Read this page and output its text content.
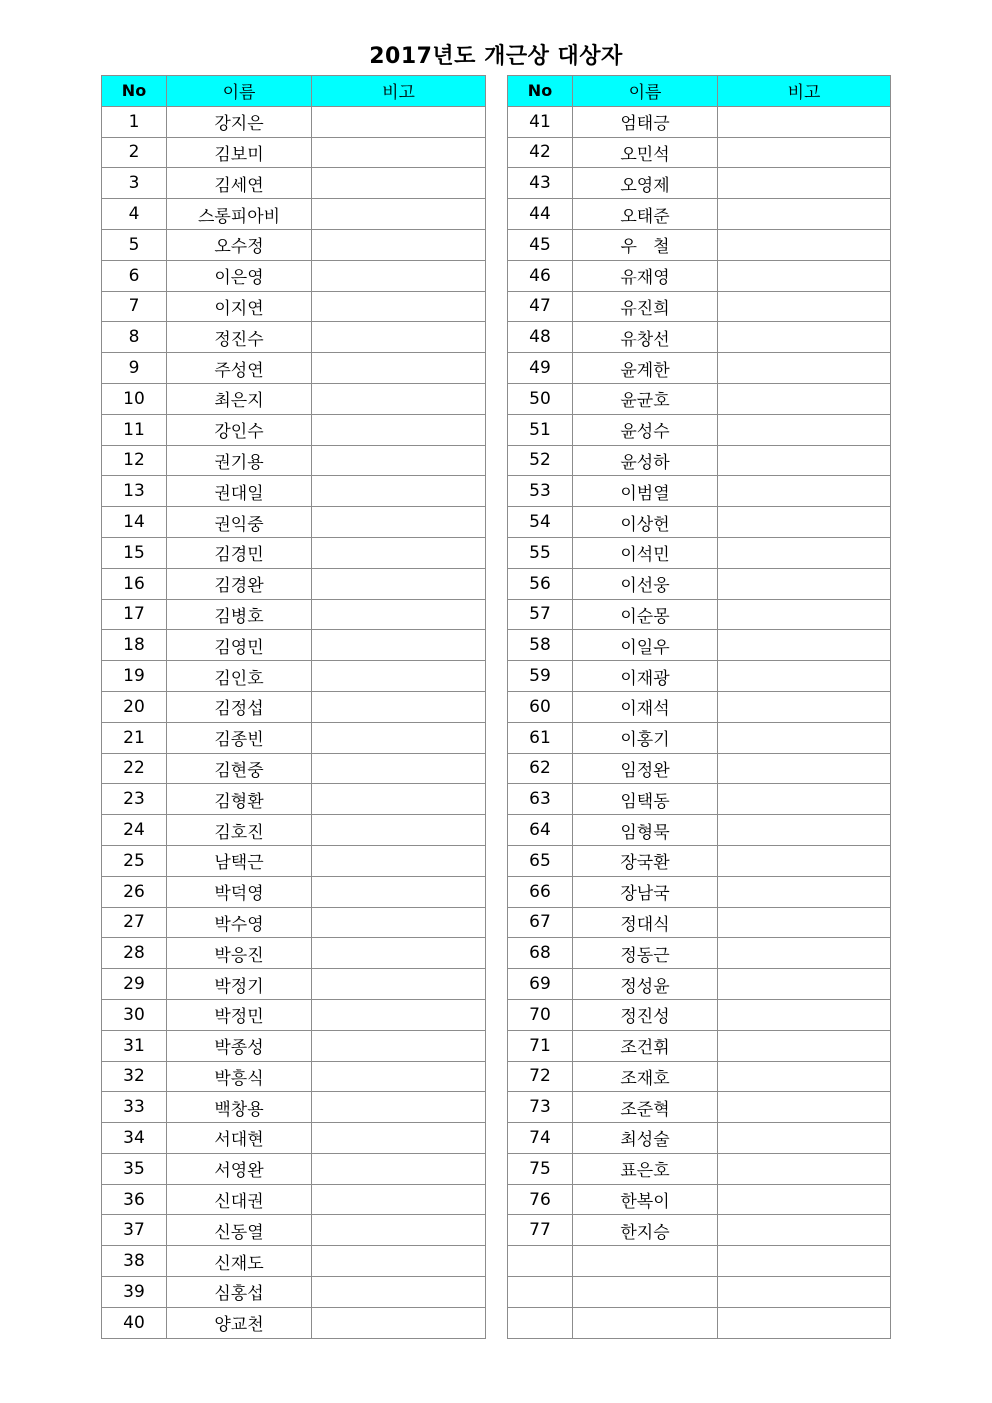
2017년도 개근상 대상자
No	이름	비고
1	강지은	
2	김보미	
3	김세연	
4	스롱피아비	
5	오수정	
6	이은영	
7	이지연	
8	정진수	
9	주성연	
10	최은지	
11	강인수	
12	권기용	
13	권대일	
14	권익중	
15	김경민	
16	김경완	
17	김병호	
18	김영민	
19	김인호	
20	김정섭	
21	김종빈	
22	김현중	
23	김형환	
24	김호진	
25	남택근	
26	박덕영	
27	박수영	
28	박응진	
29	박정기	
30	박정민	
31	박종성	
32	박흥식	
33	백창용	
34	서대현	
35	서영완	
36	신대권	
37	신동열	
38	신재도	
39	심홍섭	
40	양교천	
No	이름	비고
41	엄태긍	
42	오민석	
43	오영제	
44	오태준	
45	우   철	
46	유재영	
47	유진희	
48	유창선	
49	윤계한	
50	윤균호	
51	윤성수	
52	윤성하	
53	이범열	
54	이상헌	
55	이석민	
56	이선웅	
57	이순몽	
58	이일우	
59	이재광	
60	이재석	
61	이홍기	
62	임정완	
63	임택동	
64	임형묵	
65	장국환	
66	장남국	
67	정대식	
68	정동근	
69	정성윤	
70	정진성	
71	조건휘	
72	조재호	
73	조준혁	
74	최성술	
75	표은호	
76	한복이	
77	한지승	
